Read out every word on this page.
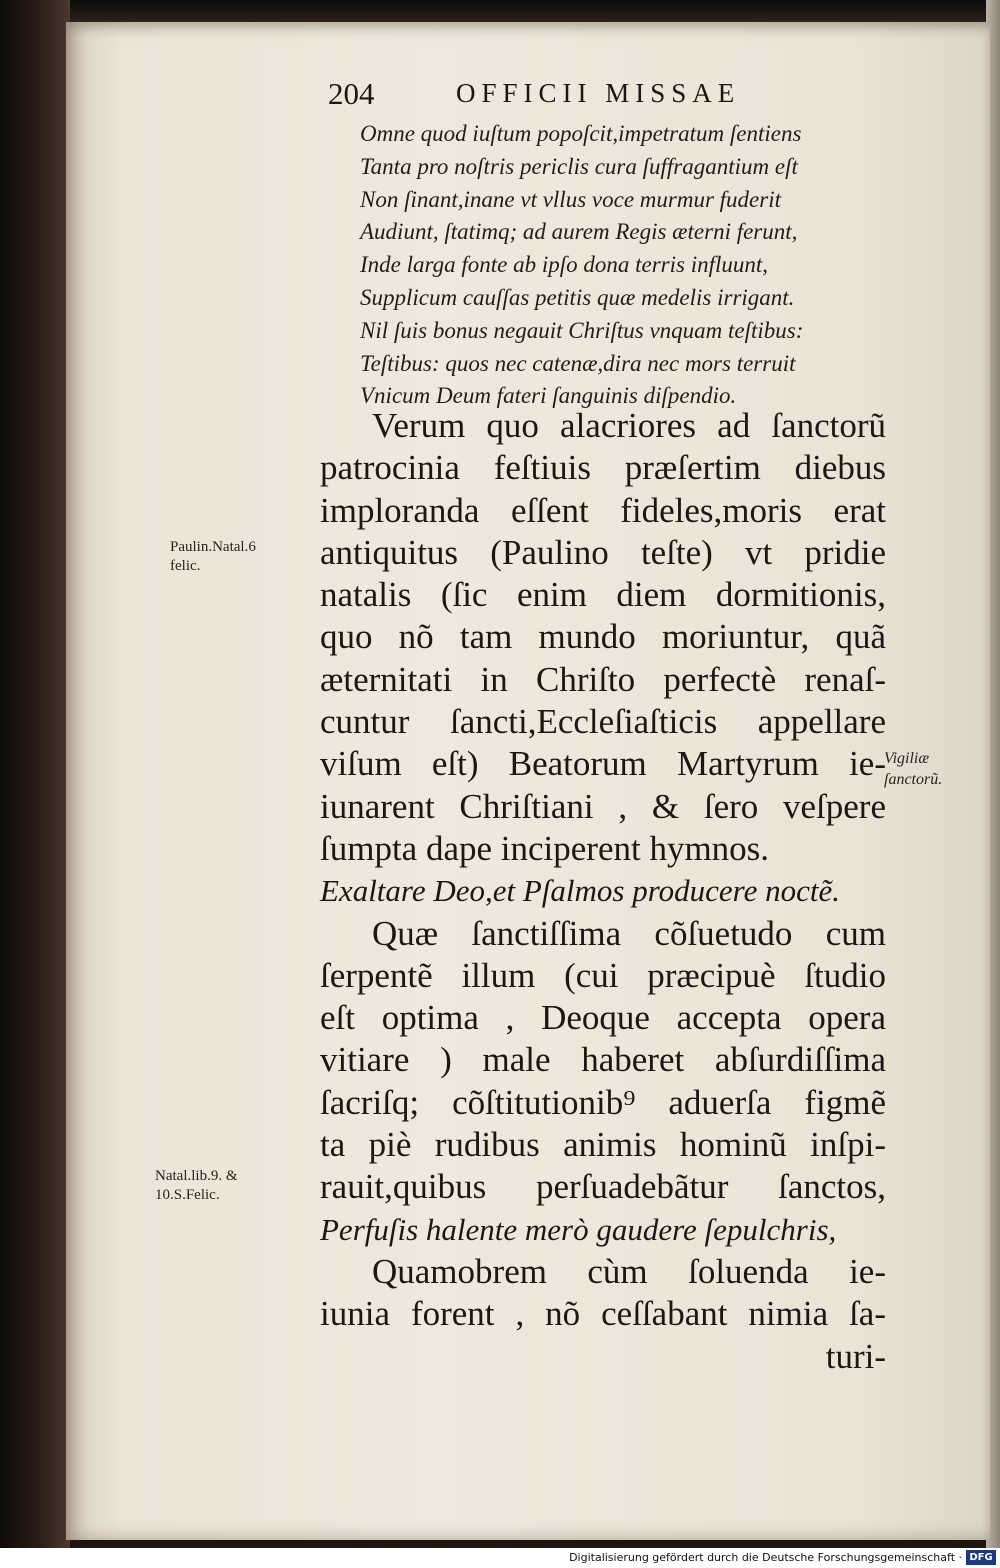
204	OFFICII MISSAE
Omne quod iuſtum popoſcit,impetratum ſentiens
Tanta pro noſtris periclis cura ſuffragantium eſt
Non ſinant,inane vt vllus voce murmur fuderit
Audiunt, ſtatimq; ad aurem Regis æterni ferunt,
Inde larga fonte ab ipſo dona terris influunt,
Supplicum cauſſas petitis quæ medelis irrigant.
Nil ſuis bonus negauit Chriſtus vnquam teſtibus:
Teſtibus: quos nec catenæ,dira nec mors terruit
Vnicum Deum fateri ſanguinis diſpendio.
Verum quo alacriores ad ſanctorũ
patrocinia feſtiuis præſertim diebus
imploranda eſſent fideles,moris erat
antiquitus (Paulino teſte) vt pridie
natalis (ſic enim diem dormitionis,
quo nõ tam mundo moriuntur, quã
æternitati in Chriſto perfectè renaſ-
cuntur ſancti,Eccleſiaſticis appellare
viſum eſt) Beatorum Martyrum ie-
iunarent Chriſtiani , & ſero veſpere
ſumpta dape inciperent hymnos.
Exaltare Deo,et Pſalmos producere noctẽ.
Quæ ſanctiſſima cõſuetudo cum
ſerpentẽ illum (cui præcipuè ſtudio
eſt optima , Deoque accepta opera
vitiare ) male haberet abſurdiſſima
ſacriſq; cõſtitutionib⁹ aduerſa figmẽ
ta piè rudibus animis hominũ inſpi-
rauit,quibus perſuadebãtur ſanctos,
Perfuſis halente merò gaudere ſepulchris,
Quamobrem cùm ſoluenda ie-
iunia forent , nõ ceſſabant nimia ſa-
turi-
Paulin.Natal.6
felic.
Natal.lib.9. &
10.S.Felic.
Vigiliæ
ſanctorũ.
Digitalisierung gefördert durch die Deutsche Forschungsgemeinschaft · DFG
